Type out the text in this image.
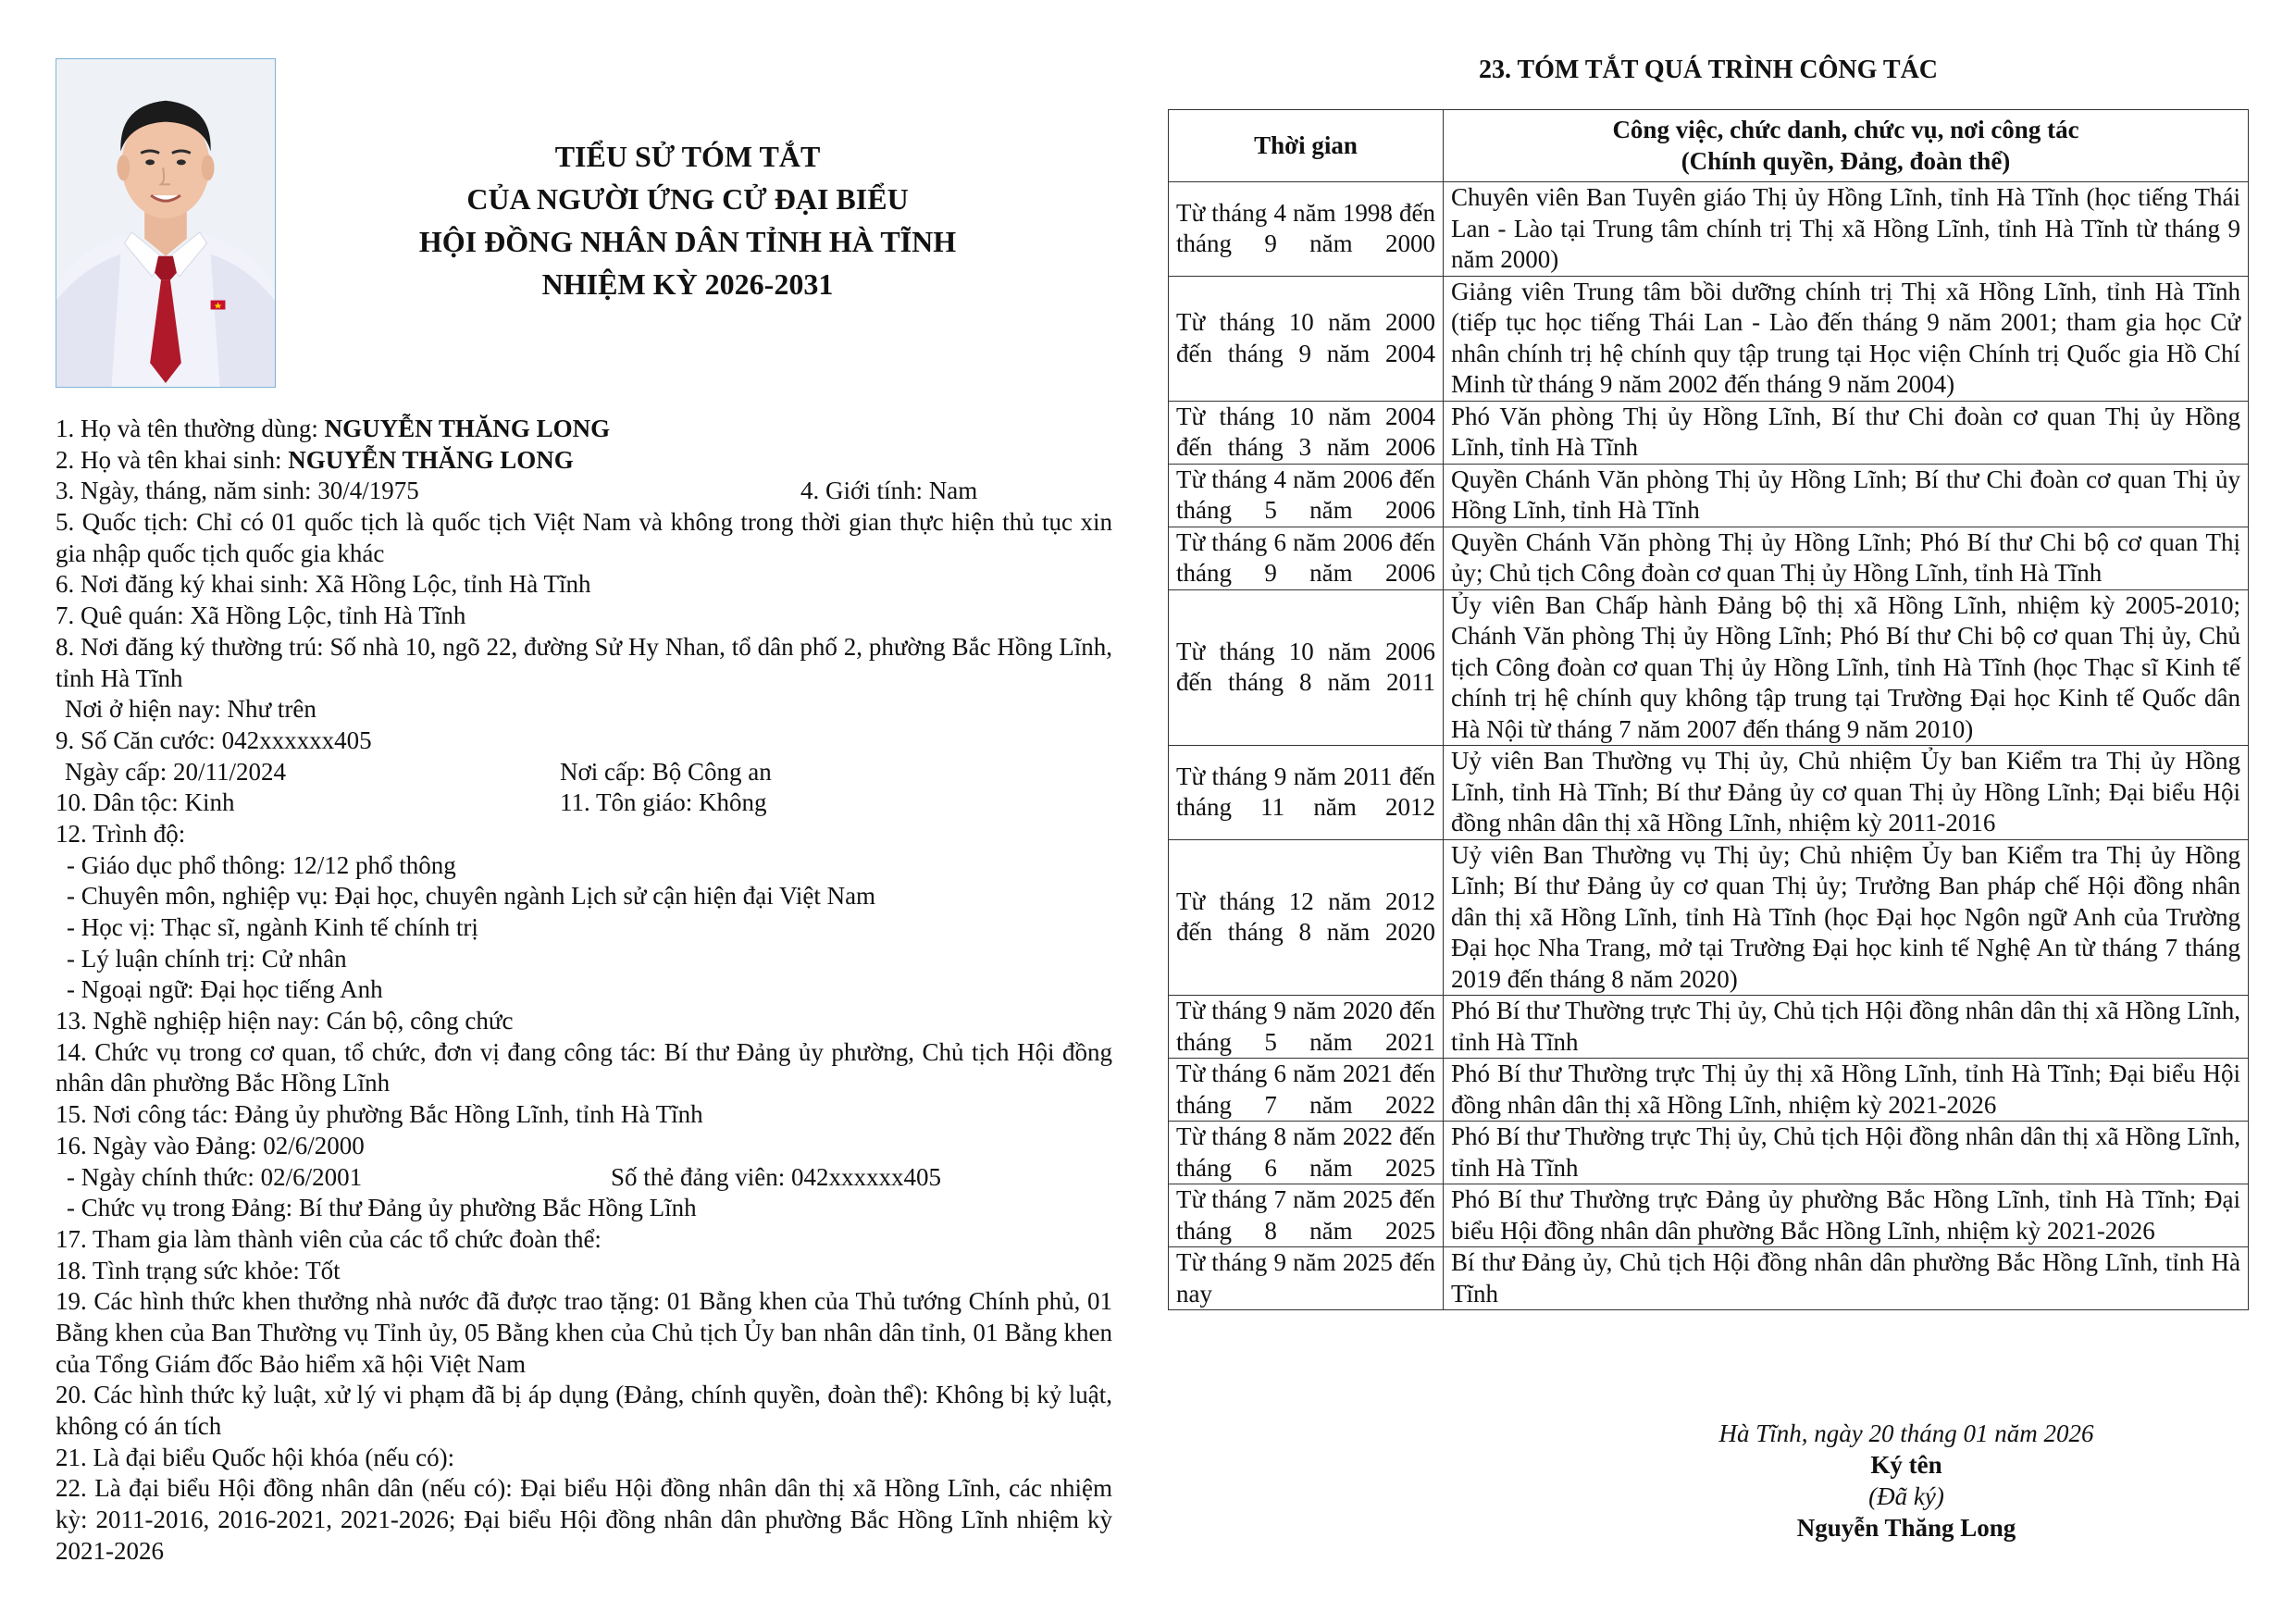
TIỂU SỬ TÓM TẮT
CỦA NGƯỜI ỨNG CỬ ĐẠI BIỂU
HỘI ĐỒNG NHÂN DÂN TỈNH HÀ TĨNH
NHIỆM KỲ 2026-2031
1. Họ và tên thường dùng: NGUYỄN THĂNG LONG
2. Họ và tên khai sinh: NGUYỄN THĂNG LONG
3. Ngày, tháng, năm sinh: 30/4/1975	4. Giới tính: Nam
5. Quốc tịch: Chỉ có 01 quốc tịch là quốc tịch Việt Nam và không trong thời gian thực hiện thủ tục xin gia nhập quốc tịch quốc gia khác
6. Nơi đăng ký khai sinh: Xã Hồng Lộc, tỉnh Hà Tĩnh
7. Quê quán: Xã Hồng Lộc, tỉnh Hà Tĩnh
8. Nơi đăng ký thường trú: Số nhà 10, ngõ 22, đường Sử Hy Nhan, tổ dân phố 2, phường Bắc Hồng Lĩnh, tỉnh Hà Tĩnh
Nơi ở hiện nay: Như trên
9. Số Căn cước: 042xxxxxx405
Ngày cấp: 20/11/2024	Nơi cấp: Bộ Công an
10. Dân tộc: Kinh	11. Tôn giáo: Không
12. Trình độ:
- Giáo dục phổ thông: 12/12 phổ thông
- Chuyên môn, nghiệp vụ: Đại học, chuyên ngành Lịch sử cận hiện đại Việt Nam
- Học vị: Thạc sĩ, ngành Kinh tế chính trị
- Lý luận chính trị: Cử nhân
- Ngoại ngữ: Đại học tiếng Anh
13. Nghề nghiệp hiện nay: Cán bộ, công chức
14. Chức vụ trong cơ quan, tổ chức, đơn vị đang công tác: Bí thư Đảng ủy phường, Chủ tịch Hội đồng nhân dân phường Bắc Hồng Lĩnh
15. Nơi công tác: Đảng ủy phường Bắc Hồng Lĩnh, tỉnh Hà Tĩnh
16. Ngày vào Đảng: 02/6/2000
- Ngày chính thức: 02/6/2001	Số thẻ đảng viên: 042xxxxxx405
- Chức vụ trong Đảng: Bí thư Đảng ủy phường Bắc Hồng Lĩnh
17. Tham gia làm thành viên của các tổ chức đoàn thể:
18. Tình trạng sức khỏe: Tốt
19. Các hình thức khen thưởng nhà nước đã được trao tặng: 01 Bằng khen của Thủ tướng Chính phủ, 01 Bằng khen của Ban Thường vụ Tỉnh ủy, 05 Bằng khen của Chủ tịch Ủy ban nhân dân tỉnh, 01 Bằng khen của Tổng Giám đốc Bảo hiểm xã hội Việt Nam
20. Các hình thức kỷ luật, xử lý vi phạm đã bị áp dụng (Đảng, chính quyền, đoàn thể): Không bị kỷ luật, không có án tích
21. Là đại biểu Quốc hội khóa (nếu có):
22. Là đại biểu Hội đồng nhân dân (nếu có): Đại biểu Hội đồng nhân dân thị xã Hồng Lĩnh, các nhiệm kỳ: 2011-2016, 2016-2021, 2021-2026; Đại biểu Hội đồng nhân dân phường Bắc Hồng Lĩnh nhiệm kỳ 2021-2026
23. TÓM TẮT QUÁ TRÌNH CÔNG TÁC
Thời gian	Công việc, chức danh, chức vụ, nơi công tác
(Chính quyền, Đảng, đoàn thể)

Từ tháng 4 năm 1998 đến tháng 9 năm 2000	Chuyên viên Ban Tuyên giáo Thị ủy Hồng Lĩnh, tỉnh Hà Tĩnh (học tiếng Thái Lan - Lào tại Trung tâm chính trị Thị xã Hồng Lĩnh, tỉnh Hà Tĩnh từ tháng 9 năm 2000)
Từ tháng 10 năm 2000 đến tháng 9 năm 2004	Giảng viên Trung tâm bồi dưỡng chính trị Thị xã Hồng Lĩnh, tỉnh Hà Tĩnh (tiếp tục học tiếng Thái Lan - Lào đến tháng 9 năm 2001; tham gia học Cử nhân chính trị hệ chính quy tập trung tại Học viện Chính trị Quốc gia Hồ Chí Minh từ tháng 9 năm 2002 đến tháng 9 năm 2004)
Từ tháng 10 năm 2004 đến tháng 3 năm 2006	Phó Văn phòng Thị ủy Hồng Lĩnh, Bí thư Chi đoàn cơ quan Thị ủy Hồng Lĩnh, tỉnh Hà Tĩnh
Từ tháng 4 năm 2006 đến tháng 5 năm 2006	Quyền Chánh Văn phòng Thị ủy Hồng Lĩnh; Bí thư Chi đoàn cơ quan Thị ủy Hồng Lĩnh, tỉnh Hà Tĩnh
Từ tháng 6 năm 2006 đến tháng 9 năm 2006	Quyền Chánh Văn phòng Thị ủy Hồng Lĩnh; Phó Bí thư Chi bộ cơ quan Thị ủy; Chủ tịch Công đoàn cơ quan Thị ủy Hồng Lĩnh, tỉnh Hà Tĩnh
Từ tháng 10 năm 2006 đến tháng 8 năm 2011	Ủy viên Ban Chấp hành Đảng bộ thị xã Hồng Lĩnh, nhiệm kỳ 2005-2010; Chánh Văn phòng Thị ủy Hồng Lĩnh; Phó Bí thư Chi bộ cơ quan Thị ủy, Chủ tịch Công đoàn cơ quan Thị ủy Hồng Lĩnh, tỉnh Hà Tĩnh (học Thạc sĩ Kinh tế chính trị hệ chính quy không tập trung tại Trường Đại học Kinh tế Quốc dân Hà Nội từ tháng 7 năm 2007 đến tháng 9 năm 2010)
Từ tháng 9 năm 2011 đến tháng 11 năm 2012	Uỷ viên Ban Thường vụ Thị ủy, Chủ nhiệm Ủy ban Kiểm tra Thị ủy Hồng Lĩnh, tỉnh Hà Tĩnh; Bí thư Đảng ủy cơ quan Thị ủy Hồng Lĩnh; Đại biểu Hội đồng nhân dân thị xã Hồng Lĩnh, nhiệm kỳ 2011-2016
Từ tháng 12 năm 2012 đến tháng 8 năm 2020	Uỷ viên Ban Thường vụ Thị ủy; Chủ nhiệm Ủy ban Kiểm tra Thị ủy Hồng Lĩnh; Bí thư Đảng ủy cơ quan Thị ủy; Trưởng Ban pháp chế Hội đồng nhân dân thị xã Hồng Lĩnh, tỉnh Hà Tĩnh (học Đại học Ngôn ngữ Anh của Trường Đại học Nha Trang, mở tại Trường Đại học kinh tế Nghệ An từ tháng 7 tháng 2019 đến tháng 8 năm 2020)
Từ tháng 9 năm 2020 đến tháng 5 năm 2021	Phó Bí thư Thường trực Thị ủy, Chủ tịch Hội đồng nhân dân thị xã Hồng Lĩnh, tỉnh Hà Tĩnh
Từ tháng 6 năm 2021 đến tháng 7 năm 2022	Phó Bí thư Thường trực Thị ủy thị xã Hồng Lĩnh, tỉnh Hà Tĩnh; Đại biểu Hội đồng nhân dân thị xã Hồng Lĩnh, nhiệm kỳ 2021-2026
Từ tháng 8 năm 2022 đến tháng 6 năm 2025	Phó Bí thư Thường trực Thị ủy, Chủ tịch Hội đồng nhân dân thị xã Hồng Lĩnh, tỉnh Hà Tĩnh
Từ tháng 7 năm 2025 đến tháng 8 năm 2025	Phó Bí thư Thường trực Đảng ủy phường Bắc Hồng Lĩnh, tỉnh Hà Tĩnh; Đại biểu Hội đồng nhân dân phường Bắc Hồng Lĩnh, nhiệm kỳ 2021-2026
Từ tháng 9 năm 2025 đến nay	Bí thư Đảng ủy, Chủ tịch Hội đồng nhân dân phường Bắc Hồng Lĩnh, tỉnh Hà Tĩnh
Hà Tĩnh, ngày 20 tháng 01 năm 2026
Ký tên
(Đã ký)
Nguyễn Thăng Long
